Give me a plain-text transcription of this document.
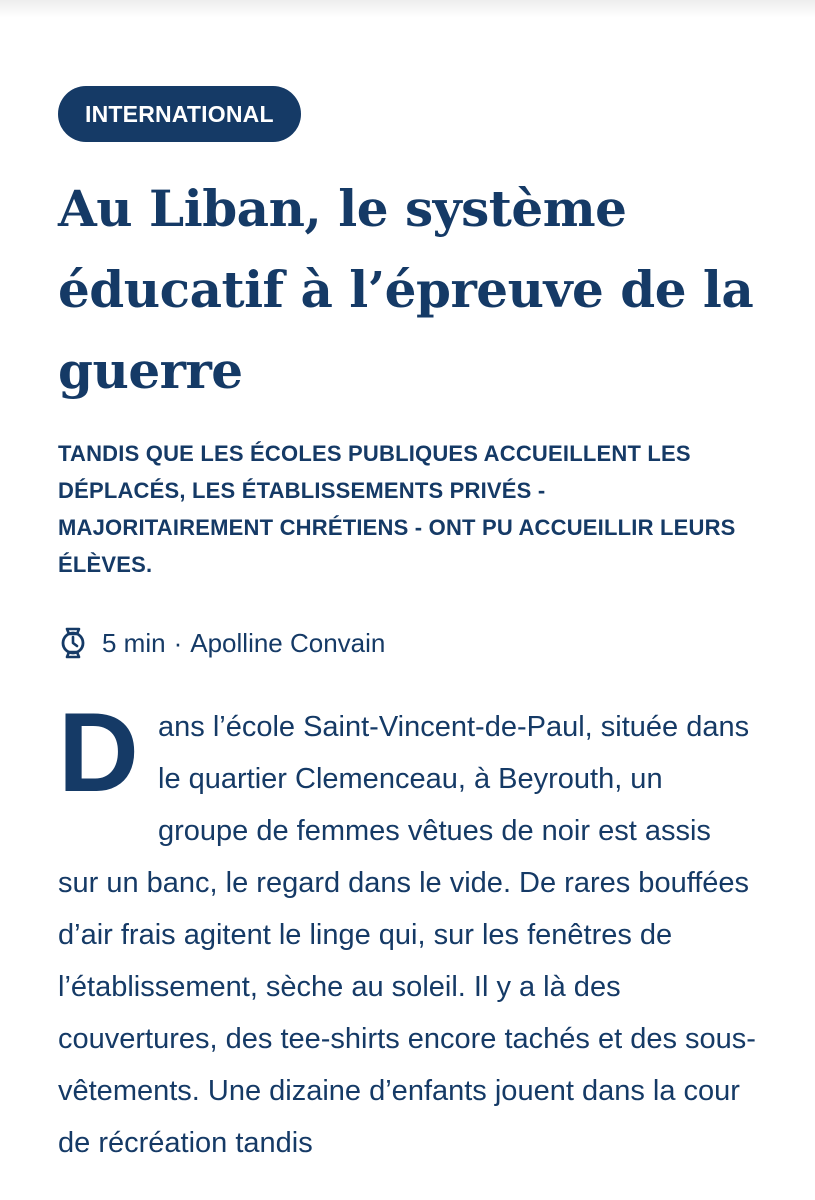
INTERNATIONAL
Au Liban, le système éducatif à l’épreuve de la guerre

TANDIS QUE LES ÉCOLES PUBLIQUES ACCUEILLENT LES DÉPLACÉS, LES ÉTABLISSEMENTS PRIVÉS - MAJORITAIREMENT CHRÉTIENS - ONT PU ACCUEILLIR LEURS ÉLÈVES.

5 min · Apolline Convain
D ans l’école Saint-Vincent-de-Paul, située dans le quartier Clemenceau, à Beyrouth, un groupe de femmes vêtues de noir est assis sur un banc, le regard dans le vide. De rares bouffées d’air frais agitent le linge qui, sur les fenêtres de l’établissement, sèche au soleil. Il y a là des couvertures, des tee-shirts encore tachés et des sous-vêtements. Une dizaine d’enfants jouent dans la cour de récréation tandis
